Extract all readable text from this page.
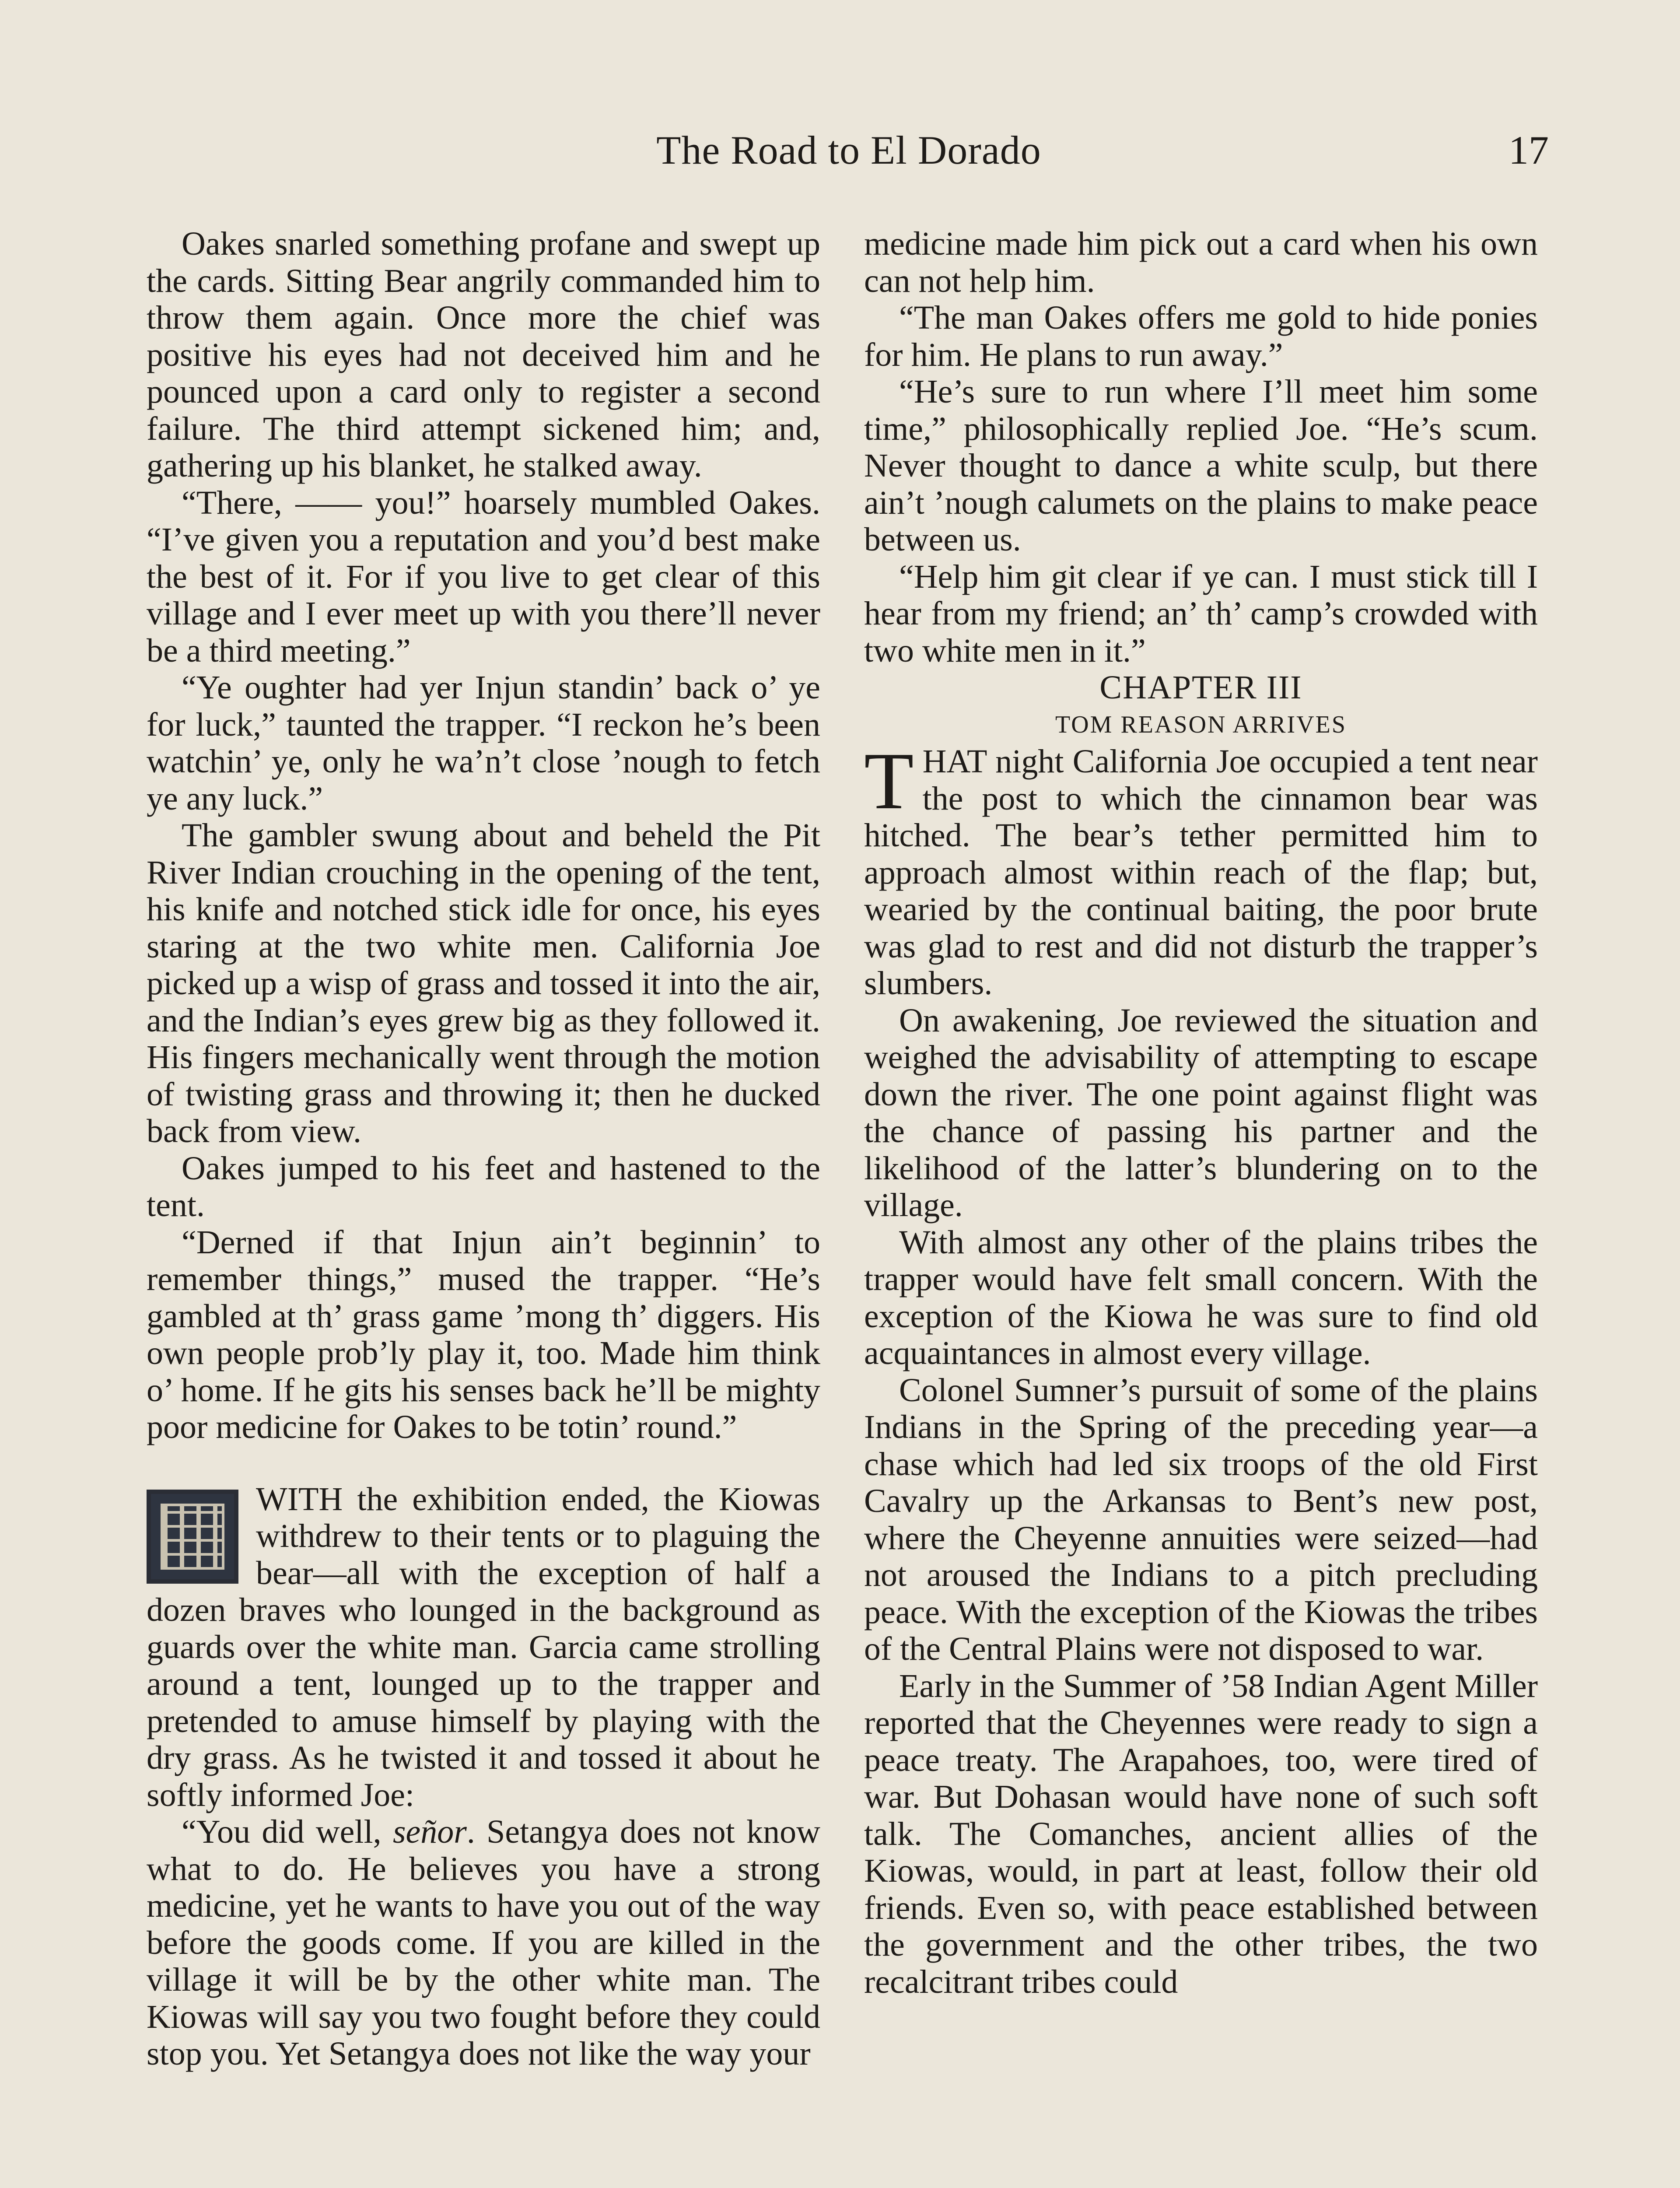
The Road to El Dorado	17

Oakes snarled something profane and swept up the cards. Sitting Bear angrily commanded him to throw them again. Once more the chief was positive his eyes had not deceived him and he pounced upon a card only to register a second failure. The third attempt sickened him; and, gathering up his blanket, he stalked away.

“There, —— you!” hoarsely mumbled Oakes. “I’ve given you a reputation and you’d best make the best of it. For if you live to get clear of this village and I ever meet up with you there’ll never be a third meeting.”

“Ye oughter had yer Injun standin’ back o’ ye for luck,” taunted the trapper. “I reckon he’s been watchin’ ye, only he wa’n’t close ’nough to fetch ye any luck.”

The gambler swung about and beheld the Pit River Indian crouching in the opening of the tent, his knife and notched stick idle for once, his eyes staring at the two white men. California Joe picked up a wisp of grass and tossed it into the air, and the Indian’s eyes grew big as they followed it. His fingers mechanically went through the motion of twisting grass and throwing it; then he ducked back from view.

Oakes jumped to his feet and hastened to the tent.

“Derned if that Injun ain’t beginnin’ to remember things,” mused the trapper. “He’s gambled at th’ grass game ’mong th’ diggers. His own people prob’ly play it, too. Made him think o’ home. If he gits his senses back he’ll be mighty poor medicine for Oakes to be totin’ round.”

WITH the exhibition ended, the Kiowas withdrew to their tents or to plaguing the bear—all with the exception of half a dozen braves who lounged in the background as guards over the white man. Garcia came strolling around a tent, lounged up to the trapper and pretended to amuse himself by playing with the dry grass. As he twisted it and tossed it about he softly informed Joe:

“You did well, señor. Setangya does not know what to do. He believes you have a strong medicine, yet he wants to have you out of the way before the goods come. If you are killed in the village it will be by the other white man. The Kiowas will say you two fought before they could stop you. Yet Setangya does not like the way your

medicine made him pick out a card when his own can not help him.

“The man Oakes offers me gold to hide ponies for him. He plans to run away.”

“He’s sure to run where I’ll meet him some time,” philosophically replied Joe. “He’s scum. Never thought to dance a white sculp, but there ain’t ’nough calumets on the plains to make peace between us.

“Help him git clear if ye can. I must stick till I hear from my friend; an’ th’ camp’s crowded with two white men in it.”

CHAPTER III

TOM REASON ARRIVES

THAT night California Joe occupied a tent near the post to which the cinnamon bear was hitched. The bear’s tether permitted him to approach almost within reach of the flap; but, wearied by the continual baiting, the poor brute was glad to rest and did not disturb the trapper’s slumbers.

On awakening, Joe reviewed the situation and weighed the advisability of attempting to escape down the river. The one point against flight was the chance of passing his partner and the likelihood of the latter’s blundering on to the village.

With almost any other of the plains tribes the trapper would have felt small concern. With the exception of the Kiowa he was sure to find old acquaintances in almost every village.

Colonel Sumner’s pursuit of some of the plains Indians in the Spring of the preceding year—a chase which had led six troops of the old First Cavalry up the Arkansas to Bent’s new post, where the Cheyenne annuities were seized—had not aroused the Indians to a pitch precluding peace. With the exception of the Kiowas the tribes of the Central Plains were not disposed to war.

Early in the Summer of ’58 Indian Agent Miller reported that the Cheyennes were ready to sign a peace treaty. The Arapahoes, too, were tired of war. But Dohasan would have none of such soft talk. The Comanches, ancient allies of the Kiowas, would, in part at least, follow their old friends. Even so, with peace established between the government and the other tribes, the two recalcitrant tribes could
